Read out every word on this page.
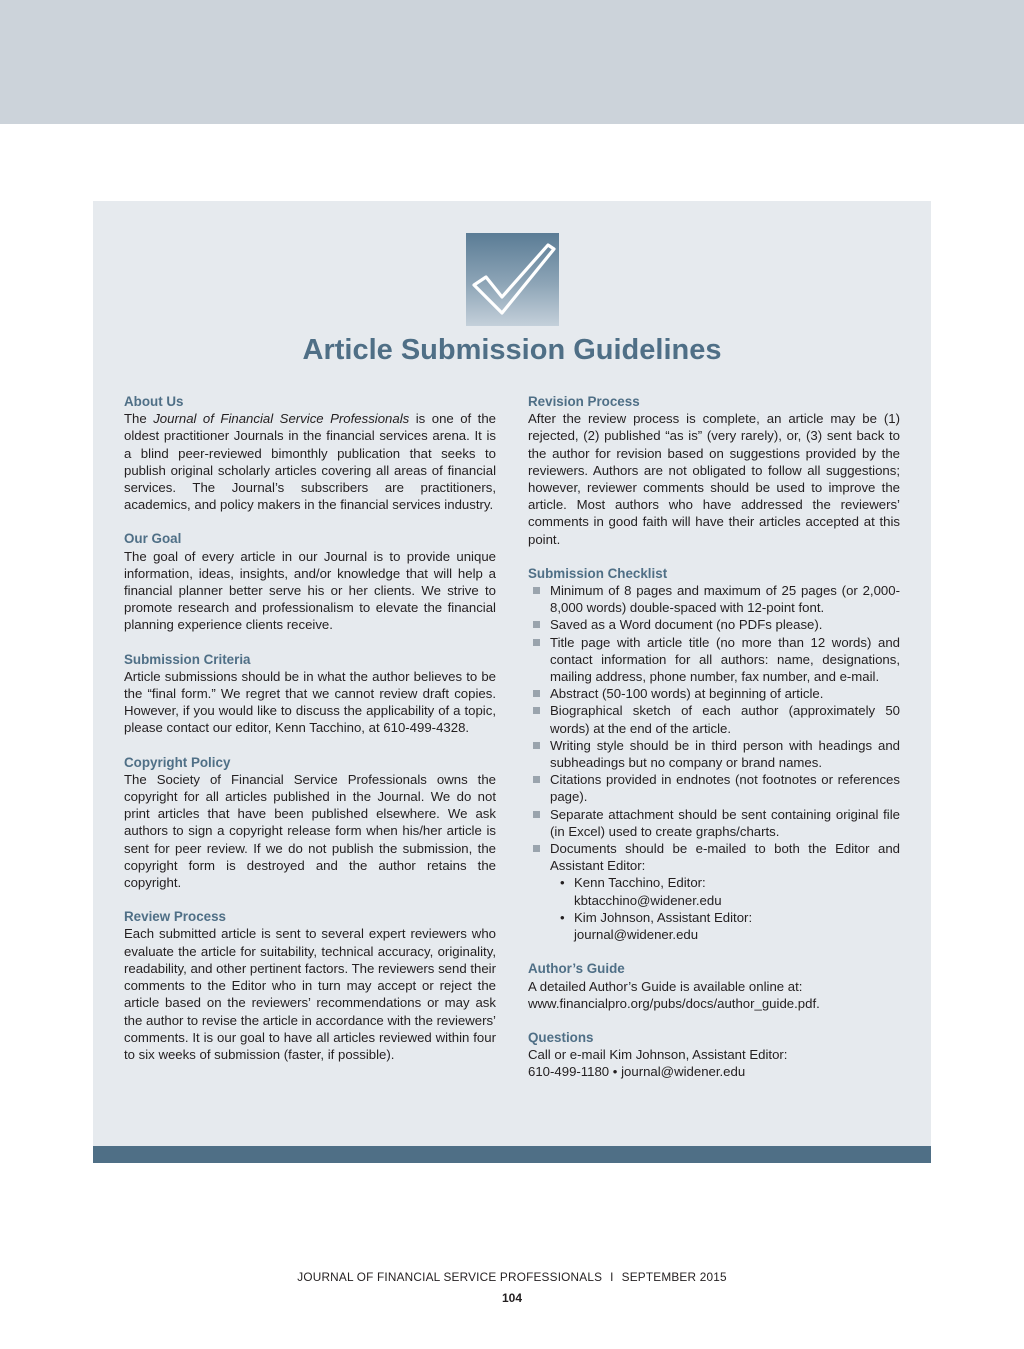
Article Submission Guidelines
About Us

The Journal of Financial Service Professionals is one of the oldest practitioner Journals in the financial services arena. It is a blind peer-reviewed bimonthly publication that seeks to publish original scholarly articles covering all areas of financial services. The Journal’s subscribers are practitioners, academics, and policy makers in the financial services industry.

Our Goal

The goal of every article in our Journal is to provide unique information, ideas, insights, and/or knowledge that will help a financial planner better serve his or her clients. We strive to promote research and professionalism to elevate the financial planning experience clients receive.

Submission Criteria

Article submissions should be in what the author believes to be the “final form.” We regret that we cannot review draft copies. However, if you would like to discuss the applicability of a topic, please contact our editor, Kenn Tacchino, at 610-499-4328.

Copyright Policy

The Society of Financial Service Professionals owns the copyright for all articles published in the Journal. We do not print articles that have been published elsewhere. We ask authors to sign a copyright release form when his/her article is sent for peer review. If we do not publish the submission, the copyright form is destroyed and the author retains the copyright.

Review Process

Each submitted article is sent to several expert reviewers who evaluate the article for suitability, technical accuracy, originality, readability, and other pertinent factors. The reviewers send their comments to the Editor who in turn may accept or reject the article based on the reviewers’ recommendations or may ask the author to revise the article in accordance with the reviewers’ comments. It is our goal to have all articles reviewed within four to six weeks of submission (faster, if possible).

Revision Process

After the review process is complete, an article may be (1) rejected, (2) published “as is” (very rarely), or, (3) sent back to the author for revision based on suggestions provided by the reviewers. Authors are not obligated to follow all suggestions; however, reviewer comments should be used to improve the article. Most authors who have addressed the reviewers’ comments in good faith will have their articles accepted at this point.

Submission Checklist
Minimum of 8 pages and maximum of 25 pages (or 2,000-8,000 words) double-spaced with 12-point font.
Saved as a Word document (no PDFs please).
Title page with article title (no more than 12 words) and contact information for all authors: name, designations, mailing address, phone number, fax number, and e-mail.
Abstract (50-100 words) at beginning of article.
Biographical sketch of each author (approximately 50 words) at the end of the article.
Writing style should be in third person with headings and subheadings but no company or brand names.
Citations provided in endnotes (not footnotes or references page).
Separate attachment should be sent containing original file (in Excel) used to create graphs/charts.
Documents should be e-mailed to both the Editor and Assistant Editor:
• Kenn Tacchino, Editor:
kbtacchino@widener.edu
• Kim Johnson, Assistant Editor:
journal@widener.edu
Author’s Guide

A detailed Author’s Guide is available online at:
www.financialpro.org/pubs/docs/author_guide.pdf.

Questions

Call or e-mail Kim Johnson, Assistant Editor:
610-499-1180 • journal@widener.edu

JOURNAL OF FINANCIAL SERVICE PROFESSIONALS I SEPTEMBER 2015

104
